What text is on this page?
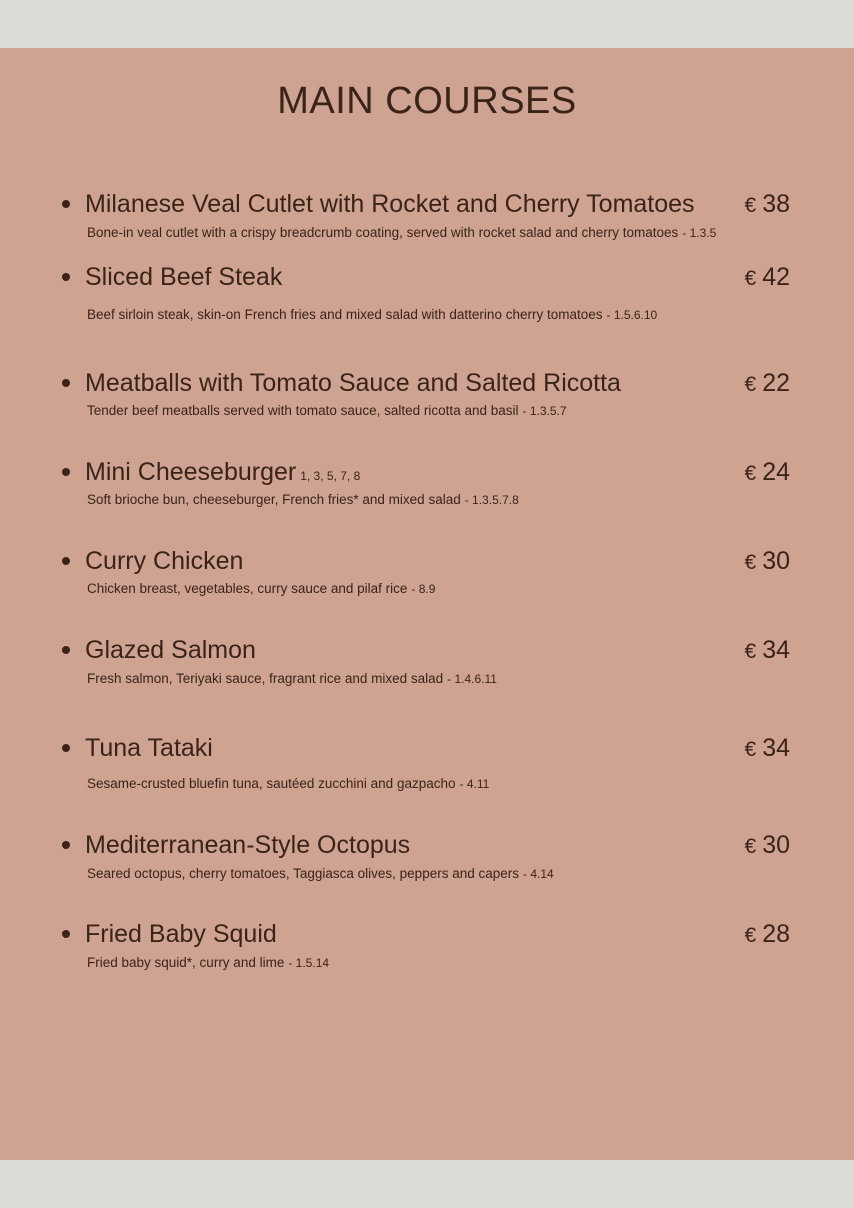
MAIN COURSES
Milanese Veal Cutlet with Rocket and Cherry Tomatoes € 38
Bone-in veal cutlet with a crispy breadcrumb coating, served with rocket salad and cherry tomatoes - 1.3.5
Sliced Beef Steak	€ 42
Beef sirloin steak, skin-on French fries and mixed salad with datterino cherry tomatoes - 1.5.6.10
Meatballs with Tomato Sauce and Salted Ricotta	€ 22
Tender beef meatballs served with tomato sauce, salted ricotta and basil - 1.3.5.7
Mini Cheeseburger 1, 3, 5, 7, 8	€ 24
Soft brioche bun, cheeseburger, French fries* and mixed salad - 1.3.5.7.8
Curry Chicken	€ 30
Chicken breast, vegetables, curry sauce and pilaf rice - 8.9
Glazed Salmon	€ 34
Fresh salmon, Teriyaki sauce, fragrant rice and mixed salad - 1.4.6.11
Tuna Tataki	€ 34
Sesame-crusted bluefin tuna, sautéed zucchini and gazpacho - 4.11
Mediterranean-Style Octopus	€ 30
Seared octopus, cherry tomatoes, Taggiasca olives, peppers and capers - 4.14
Fried Baby Squid	€ 28
Fried baby squid*, curry and lime - 1.5.14
